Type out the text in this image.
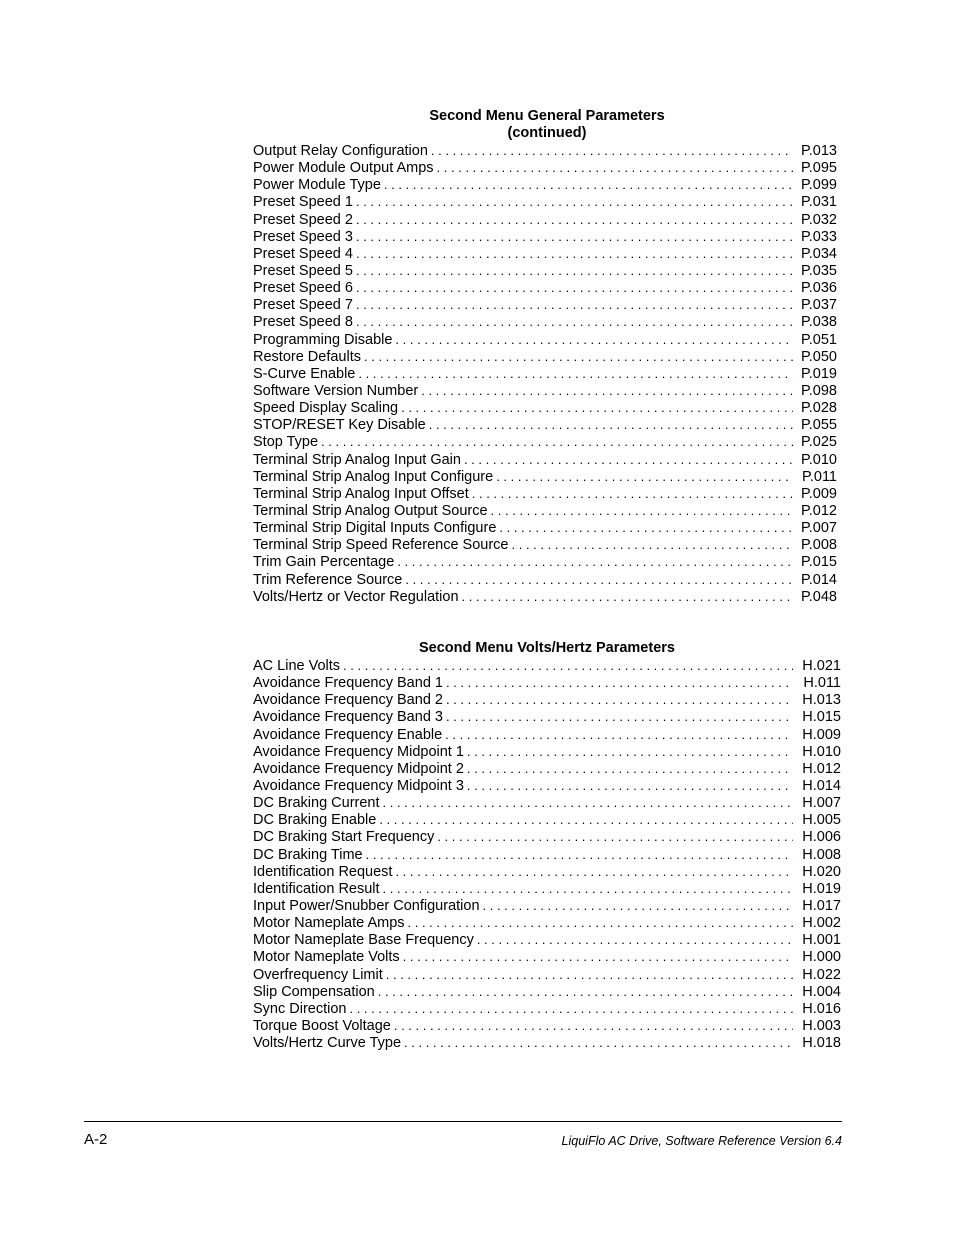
Second Menu General Parameters
(continued)
Output Relay Configuration . . .	P.013
Power Module Output Amps . . .	P.095
Power Module Type . . .	P.099
Preset Speed 1 . . .	P.031
Preset Speed 2 . . .	P.032
Preset Speed 3 . . .	P.033
Preset Speed 4 . . .	P.034
Preset Speed 5 . . .	P.035
Preset Speed 6 . . .	P.036
Preset Speed 7 . . .	P.037
Preset Speed 8 . . .	P.038
Programming Disable . . .	P.051
Restore Defaults . . .	P.050
S-Curve Enable . . .	P.019
Software Version Number . . .	P.098
Speed Display Scaling . . .	P.028
STOP/RESET Key Disable . . .	P.055
Stop Type . . .	P.025
Terminal Strip Analog Input Gain . . .	P.010
Terminal Strip Analog Input Configure . . .	P.011
Terminal Strip Analog Input Offset . . .	P.009
Terminal Strip Analog Output Source . . .	P.012
Terminal Strip Digital Inputs Configure . . .	P.007
Terminal Strip Speed Reference Source . . .	P.008
Trim Gain Percentage . . .	P.015
Trim Reference Source . . .	P.014
Volts/Hertz or Vector Regulation . . .	P.048
Second Menu Volts/Hertz Parameters
AC Line Volts . . .	H.021
Avoidance Frequency Band 1 . . .	H.011
Avoidance Frequency Band 2 . . .	H.013
Avoidance Frequency Band 3 . . .	H.015
Avoidance Frequency Enable . . .	H.009
Avoidance Frequency Midpoint 1 . . .	H.010
Avoidance Frequency Midpoint 2 . . .	H.012
Avoidance Frequency Midpoint 3 . . .	H.014
DC Braking Current . . .	H.007
DC Braking Enable . . .	H.005
DC Braking Start Frequency . . .	H.006
DC Braking Time . . .	H.008
Identification Request . . .	H.020
Identification Result . . .	H.019
Input Power/Snubber Configuration . . .	H.017
Motor Nameplate Amps . . .	H.002
Motor Nameplate Base Frequency . . .	H.001
Motor Nameplate Volts . . .	H.000
Overfrequency Limit . . .	H.022
Slip Compensation . . .	H.004
Sync Direction . . .	H.016
Torque Boost Voltage . . .	H.003
Volts/Hertz Curve Type . . .	H.018
A-2	LiquiFlo AC Drive, Software Reference Version 6.4
